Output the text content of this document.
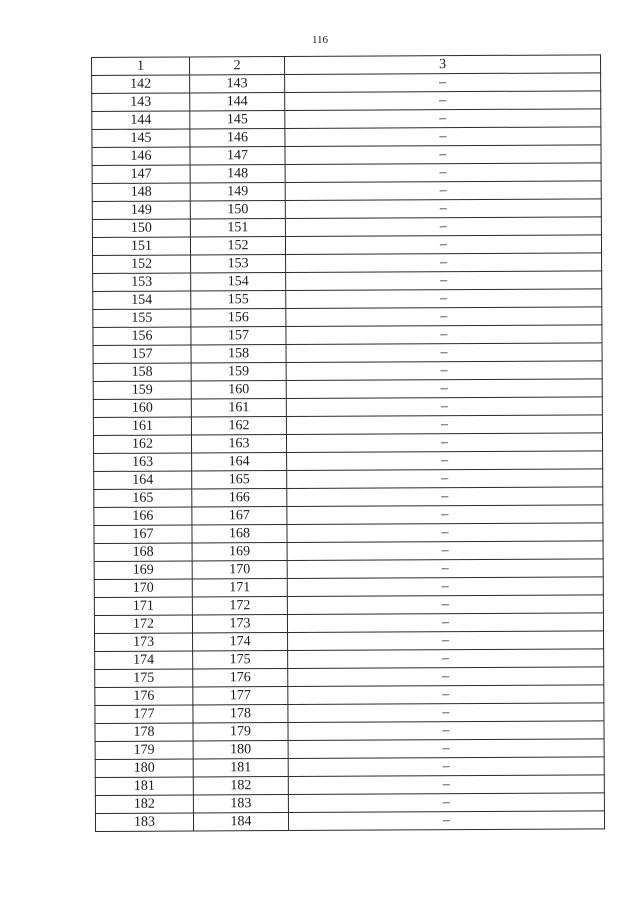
116
1	2	3
142	143	–
143	144	–
144	145	–
145	146	–
146	147	–
147	148	–
148	149	–
149	150	–
150	151	–
151	152	–
152	153	–
153	154	–
154	155	–
155	156	–
156	157	–
157	158	–
158	159	–
159	160	–
160	161	–
161	162	–
162	163	–
163	164	–
164	165	–
165	166	–
166	167	–
167	168	–
168	169	–
169	170	–
170	171	–
171	172	–
172	173	–
173	174	–
174	175	–
175	176	–
176	177	–
177	178	–
178	179	–
179	180	–
180	181	–
181	182	–
182	183	–
183	184	–
